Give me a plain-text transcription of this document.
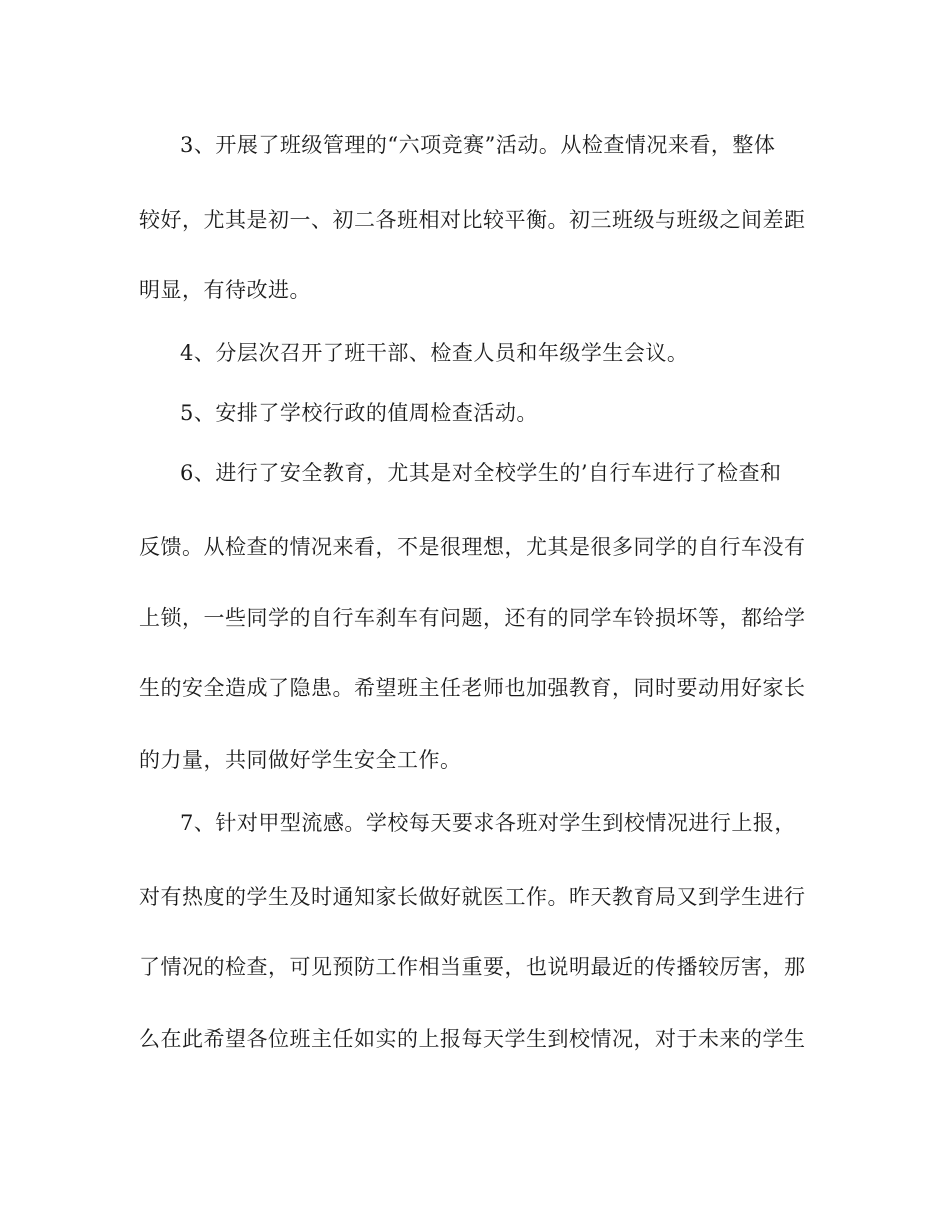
3、开展了班级管理的“六项竞赛”活动。从检查情况来看，整体
较好，尤其是初一、初二各班相对比较平衡。初三班级与班级之间差距
明显，有待改进。
4、分层次召开了班干部、检查人员和年级学生会议。
5、安排了学校行政的值周检查活动。
6、进行了安全教育，尤其是对全校学生的’自行车进行了检查和
反馈。从检查的情况来看，不是很理想，尤其是很多同学的自行车没有
上锁，一些同学的自行车刹车有问题，还有的同学车铃损坏等，都给学
生的安全造成了隐患。希望班主任老师也加强教育，同时要动用好家长
的力量，共同做好学生安全工作。
7、针对甲型流感。学校每天要求各班对学生到校情况进行上报，
对有热度的学生及时通知家长做好就医工作。昨天教育局又到学生进行
了情况的检查，可见预防工作相当重要，也说明最近的传播较厉害，那
么在此希望各位班主任如实的上报每天学生到校情况，对于未来的学生
